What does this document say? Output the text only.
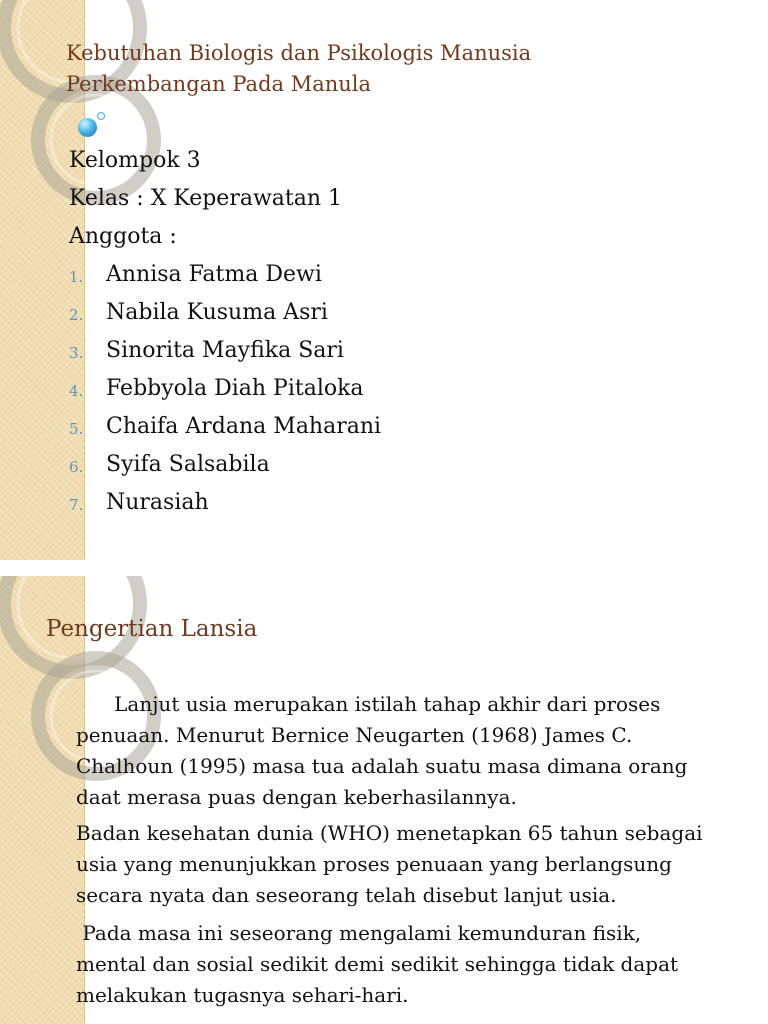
Kebutuhan Biologis dan Psikologis Manusia
Perkembangan Pada Manula
Kelompok 3
Kelas : X Keperawatan 1
Anggota :
1. Annisa Fatma Dewi
2. Nabila Kusuma Asri
3. Sinorita Mayfika Sari
4. Febbyola Diah Pitaloka
5. Chaifa Ardana Maharani
6. Syifa Salsabila
7. Nurasiah
Pengertian Lansia

Lanjut usia merupakan istilah tahap akhir dari proses
penuaan. Menurut Bernice Neugarten (1968) James C.
Chalhoun (1995) masa tua adalah suatu masa dimana orang
daat merasa puas dengan keberhasilannya.

Badan kesehatan dunia (WHO) menetapkan 65 tahun sebagai
usia yang menunjukkan proses penuaan yang berlangsung
secara nyata dan seseorang telah disebut lanjut usia.

Pada masa ini seseorang mengalami kemunduran fisik,
mental dan sosial sedikit demi sedikit sehingga tidak dapat
melakukan tugasnya sehari-hari.
